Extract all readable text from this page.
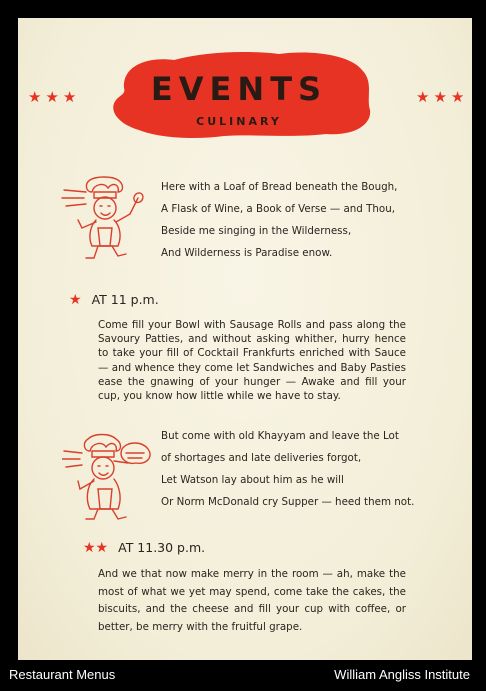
★★★	★★★
EVENTS
CULINARY
Here with a Loaf of Bread beneath the Bough,
A Flask of Wine, a Book of Verse — and Thou,
Beside me singing in the Wilderness,
And Wilderness is Paradise enow.
★ AT 11 p.m.

Come fill your Bowl with Sausage Rolls and pass along the Savoury Patties, and without asking whither, hurry hence to take your fill of Cocktail Frankfurts enriched with Sauce — and whence they come let Sandwiches and Baby Pasties ease the gnawing of your hunger — Awake and fill your cup, you know how little while we have to stay.

But come with old Khayyam and leave the Lot
of shortages and late deliveries forgot,
Let Watson lay about him as he will
Or Norm McDonald cry Supper — heed them not.
★★ AT 11.30 p.m.

And we that now make merry in the room — ah, make the most of what we yet may spend, come take the cakes, the biscuits, and the cheese and fill your cup with coffee, or better, be merry with the fruitful grape.

Restaurant Menus	William Angliss Institute
